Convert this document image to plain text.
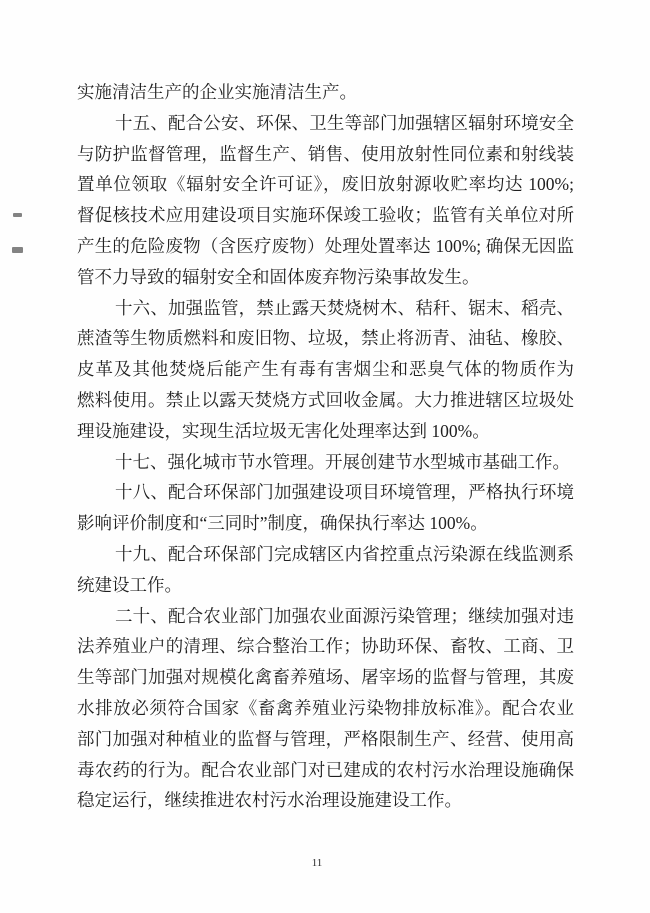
实施清洁生产的企业实施清洁生产。
十五、配合公安、环保、卫生等部门加强辖区辐射环境安全
与防护监督管理，监督生产、销售、使用放射性同位素和射线装
置单位领取《辐射安全许可证》，废旧放射源收贮率均达 100%;
督促核技术应用建设项目实施环保竣工验收；监管有关单位对所
产生的危险废物（含医疗废物）处理处置率达 100%; 确保无因监
管不力导致的辐射安全和固体废弃物污染事故发生。
十六、加强监管，禁止露天焚烧树木、秸秆、锯末、稻壳、
蔗渣等生物质燃料和废旧物、垃圾，禁止将沥青、油毡、橡胶、
皮革及其他焚烧后能产生有毒有害烟尘和恶臭气体的物质作为
燃料使用。禁止以露天焚烧方式回收金属。大力推进辖区垃圾处
理设施建设，实现生活垃圾无害化处理率达到 100%。
十七、强化城市节水管理。开展创建节水型城市基础工作。
十八、配合环保部门加强建设项目环境管理，严格执行环境
影响评价制度和“三同时”制度，确保执行率达 100%。
十九、配合环保部门完成辖区内省控重点污染源在线监测系
统建设工作。
二十、配合农业部门加强农业面源污染管理；继续加强对违
法养殖业户的清理、综合整治工作；协助环保、畜牧、工商、卫
生等部门加强对规模化禽畜养殖场、屠宰场的监督与管理，其废
水排放必须符合国家《畜禽养殖业污染物排放标准》。配合农业
部门加强对种植业的监督与管理，严格限制生产、经营、使用高
毒农药的行为。配合农业部门对已建成的农村污水治理设施确保
稳定运行，继续推进农村污水治理设施建设工作。
11
